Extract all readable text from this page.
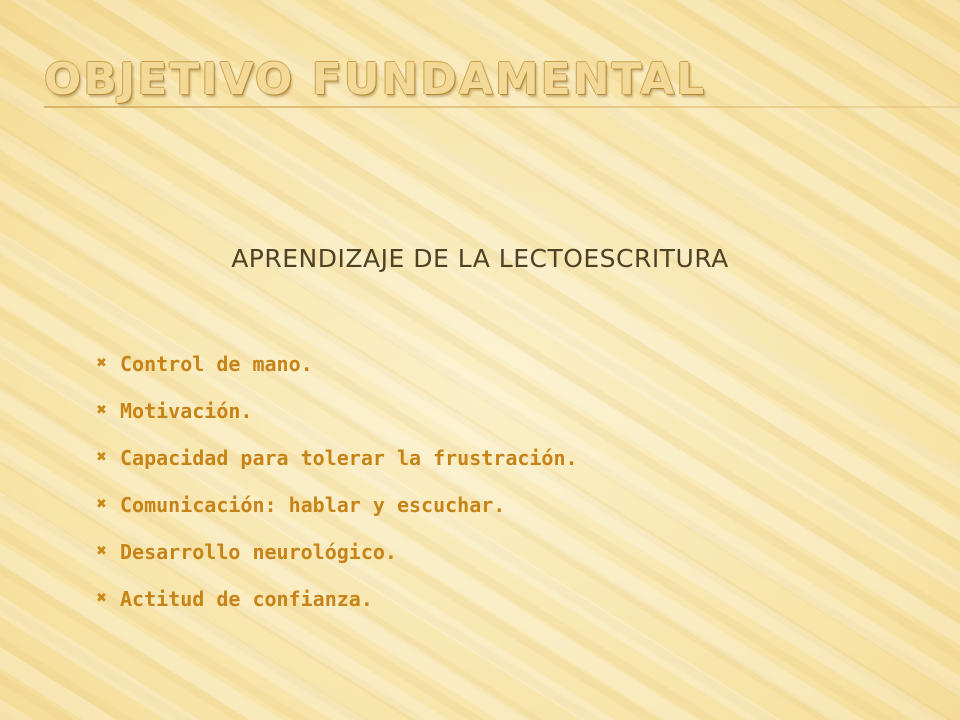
OBJETIVO FUNDAMENTAL
APRENDIZAJE DE LA LECTOESCRITURA
✖ Control de mano.
✖ Motivación.
✖ Capacidad para tolerar la frustración.
✖ Comunicación: hablar y escuchar.
✖ Desarrollo neurológico.
✖ Actitud de confianza.
